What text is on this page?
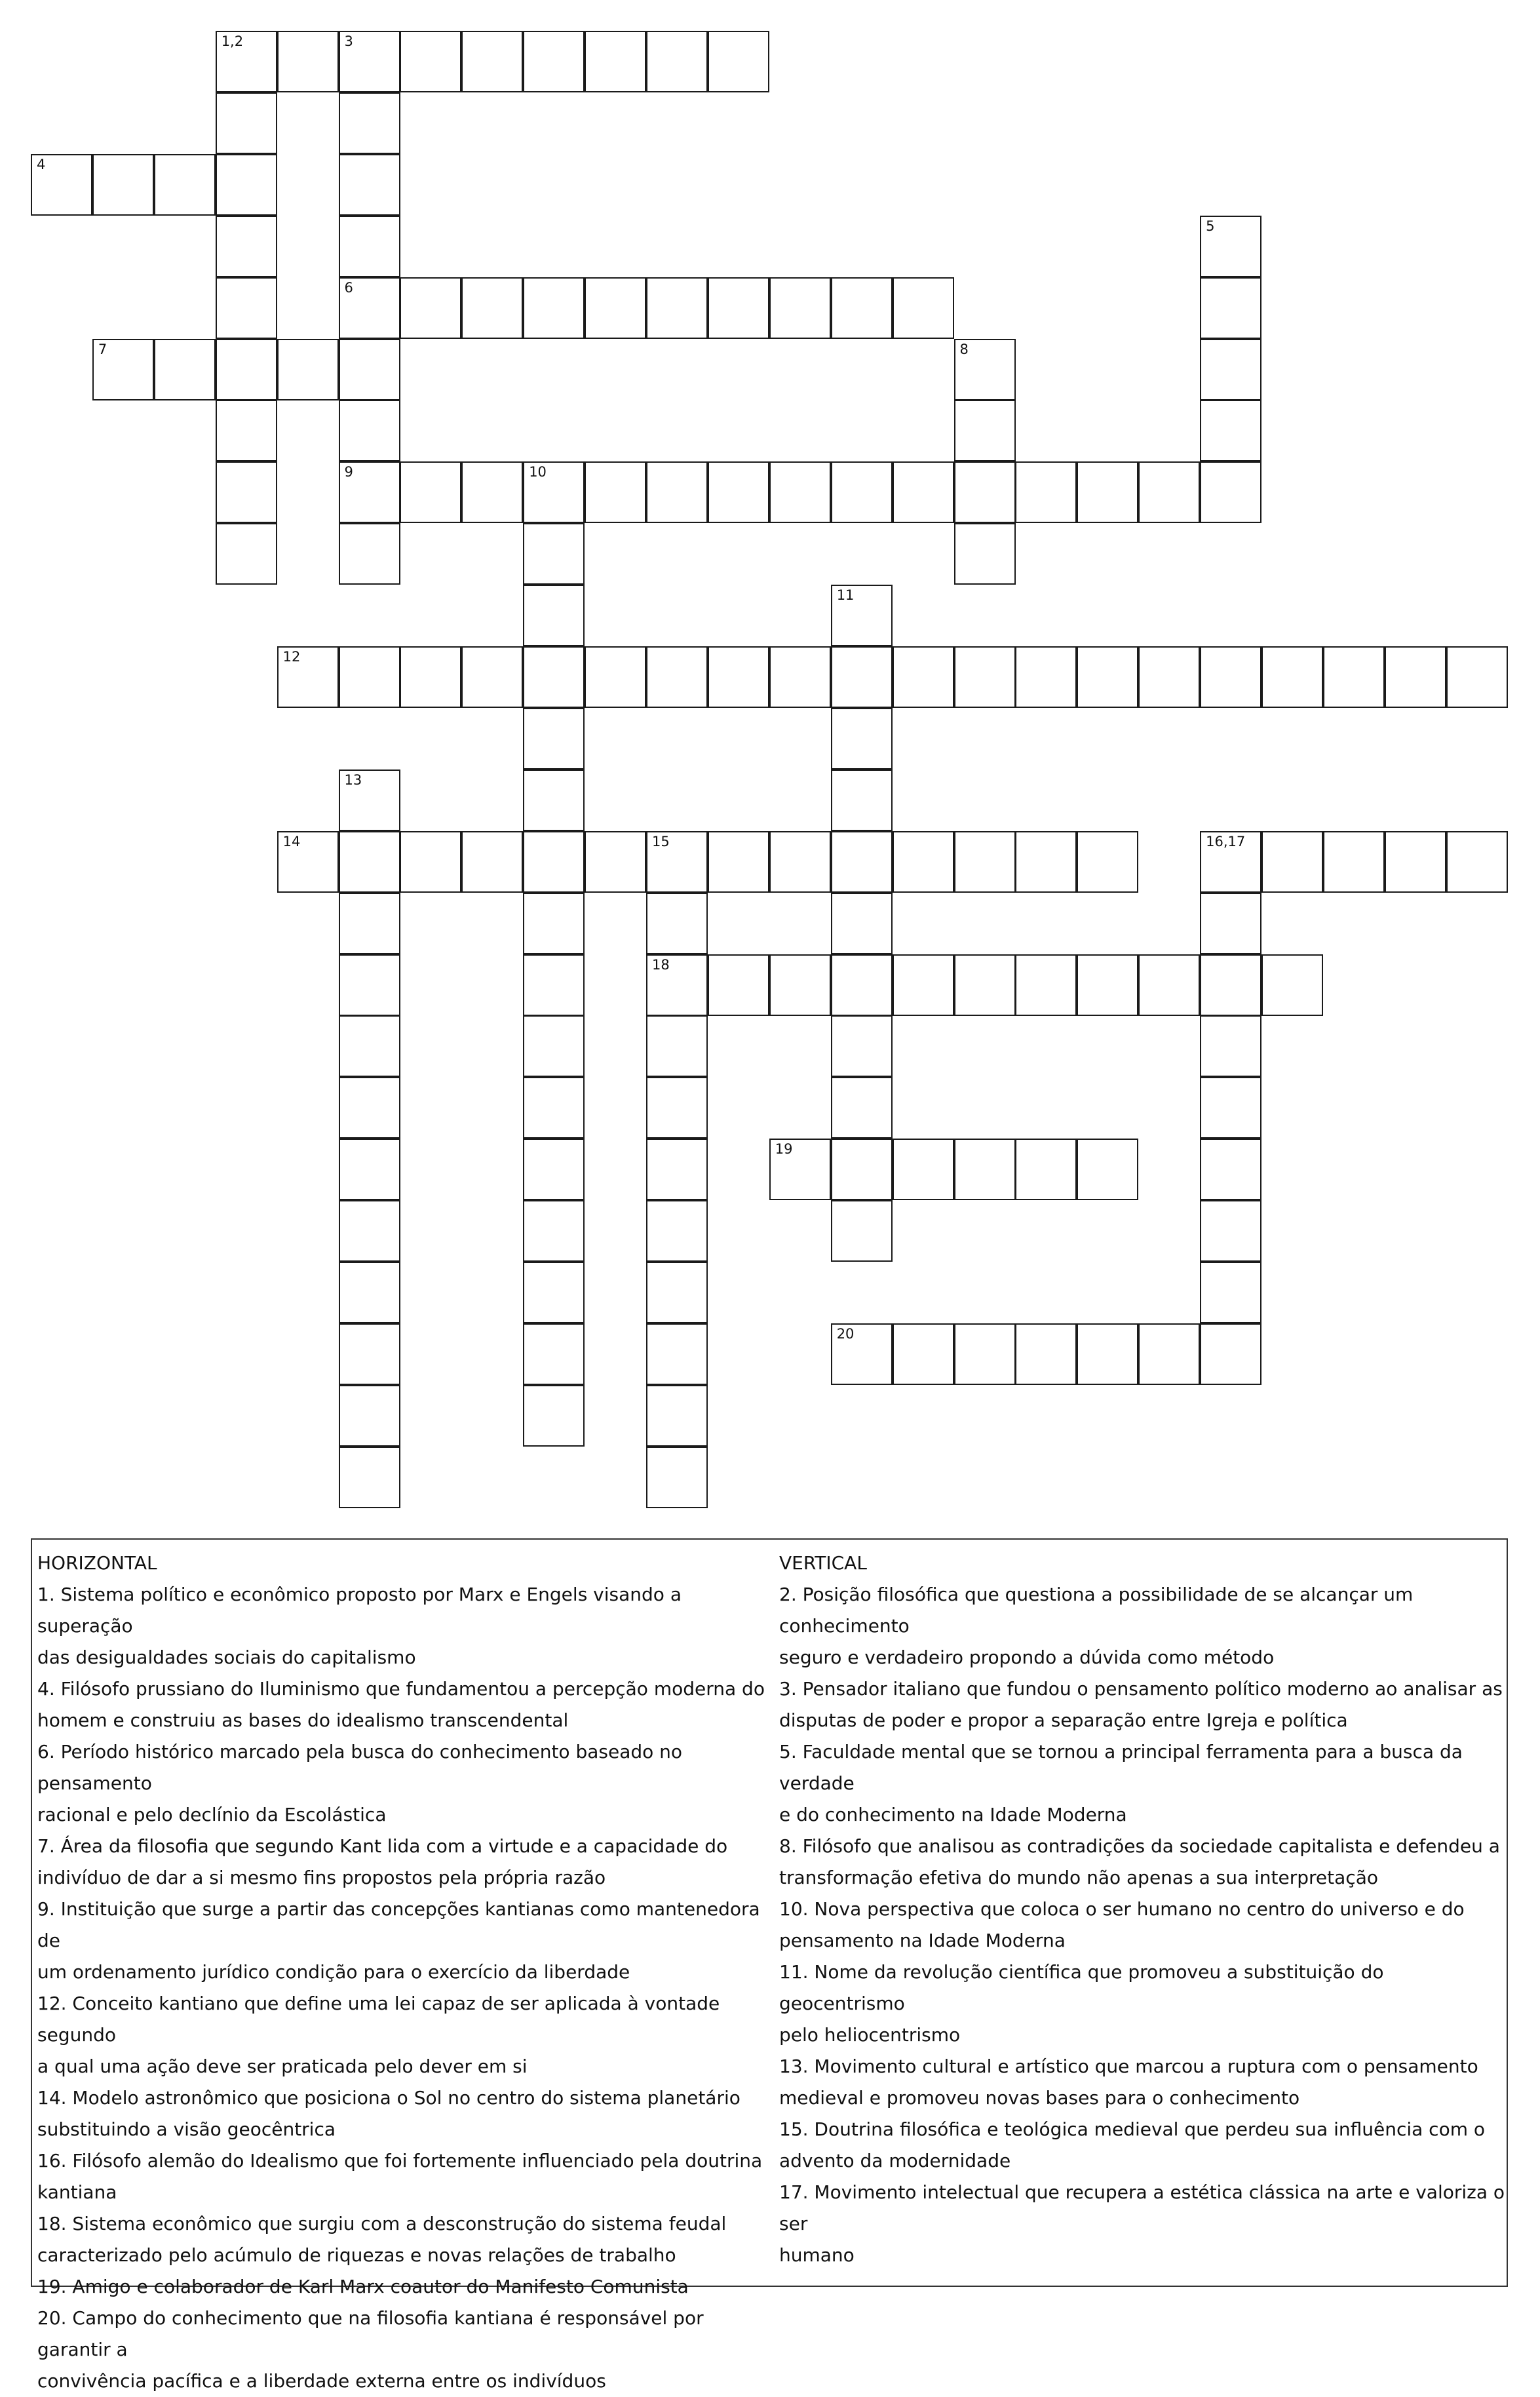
1,2	3
4
5
6
7	8
9	10
11
12
13
14	15	16,17
18
19
20
HORIZONTAL
1. Sistema político e econômico proposto por Marx e Engels visando a superação
das desigualdades sociais do capitalismo
4. Filósofo prussiano do Iluminismo que fundamentou a percepção moderna do
homem e construiu as bases do idealismo transcendental
6. Período histórico marcado pela busca do conhecimento baseado no pensamento
racional e pelo declínio da Escolástica
7. Área da filosofia que segundo Kant lida com a virtude e a capacidade do
indivíduo de dar a si mesmo fins propostos pela própria razão
9. Instituição que surge a partir das concepções kantianas como mantenedora de
um ordenamento jurídico condição para o exercício da liberdade
12. Conceito kantiano que define uma lei capaz de ser aplicada à vontade segundo
a qual uma ação deve ser praticada pelo dever em si
14. Modelo astronômico que posiciona o Sol no centro do sistema planetário
substituindo a visão geocêntrica
16. Filósofo alemão do Idealismo que foi fortemente influenciado pela doutrina
kantiana
18. Sistema econômico que surgiu com a desconstrução do sistema feudal
caracterizado pelo acúmulo de riquezas e novas relações de trabalho
19. Amigo e colaborador de Karl Marx coautor do Manifesto Comunista
20. Campo do conhecimento que na filosofia kantiana é responsável por garantir a
convivência pacífica e a liberdade externa entre os indivíduos
VERTICAL
2. Posição filosófica que questiona a possibilidade de se alcançar um conhecimento
seguro e verdadeiro propondo a dúvida como método
3. Pensador italiano que fundou o pensamento político moderno ao analisar as
disputas de poder e propor a separação entre Igreja e política
5. Faculdade mental que se tornou a principal ferramenta para a busca da verdade
e do conhecimento na Idade Moderna
8. Filósofo que analisou as contradições da sociedade capitalista e defendeu a
transformação efetiva do mundo não apenas a sua interpretação
10. Nova perspectiva que coloca o ser humano no centro do universo e do
pensamento na Idade Moderna
11. Nome da revolução científica que promoveu a substituição do geocentrismo
pelo heliocentrismo
13. Movimento cultural e artístico que marcou a ruptura com o pensamento
medieval e promoveu novas bases para o conhecimento
15. Doutrina filosófica e teológica medieval que perdeu sua influência com o
advento da modernidade
17. Movimento intelectual que recupera a estética clássica na arte e valoriza o ser
humano
